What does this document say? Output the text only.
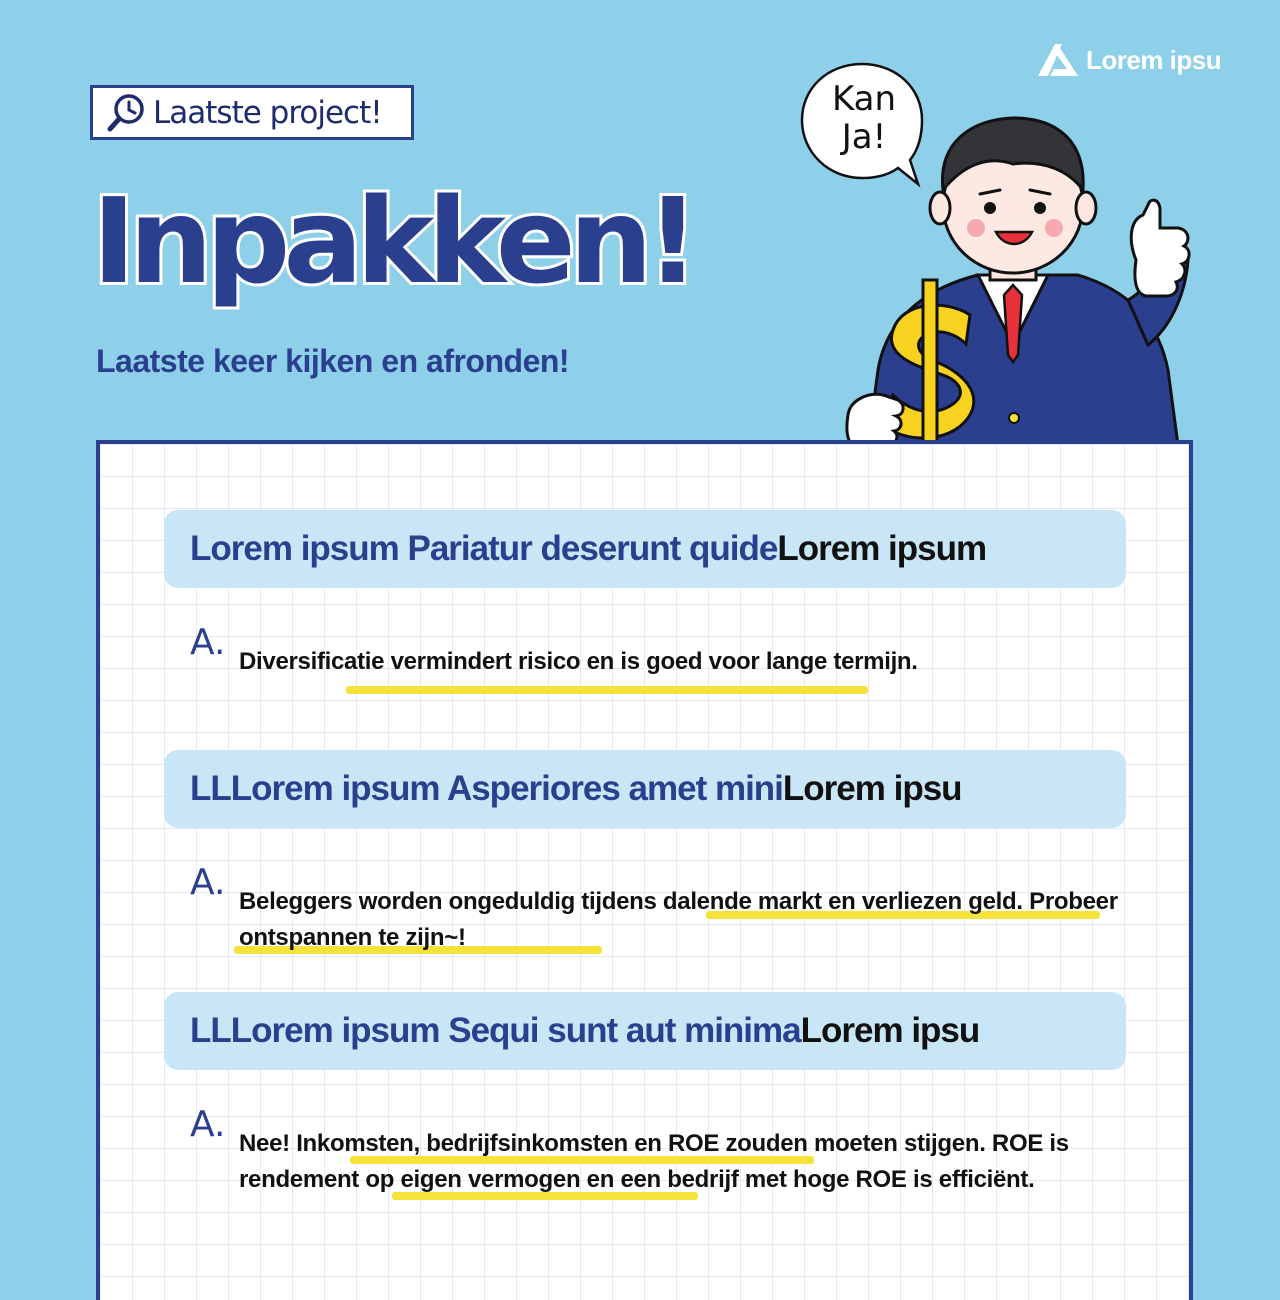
Lorem ipsu
Laatste project!
Inpakken!
Laatste keer kijken en afronden!
Kan
Ja!
Lorem ipsum Pariatur deserunt quide Lorem ipsum
A. Diversificatie vermindert risico en is goed voor lange termijn.
LLLorem ipsum Asperiores amet mini Lorem ipsu
A. Beleggers worden ongeduldig tijdens dalende markt en verliezen geld. Probeer ontspannen te zijn~!
LLLorem ipsum Sequi sunt aut minima Lorem ipsu
A. Nee! Inkomsten, bedrijfsinkomsten en ROE zouden moeten stijgen. ROE is rendement op eigen vermogen en een bedrijf met hoge ROE is efficiënt.
